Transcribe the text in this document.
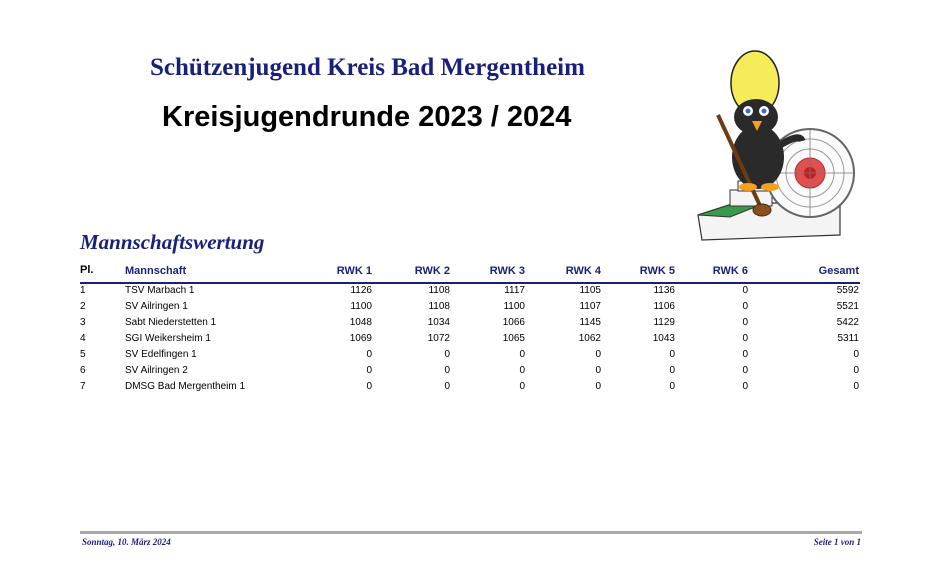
Schützenjugend Kreis Bad Mergentheim
Kreisjugendrunde 2023 / 2024
Mannschaftswertung
Pl.	Mannschaft	RWK 1	RWK 2	RWK 3	RWK 4	RWK 5	RWK 6	Gesamt
1	TSV Marbach 1	1126	1108	1117	1105	1136	0	5592
2	SV Ailringen 1	1100	1108	1100	1107	1106	0	5521
3	Sabt Niederstetten 1	1048	1034	1066	1145	1129	0	5422
4	SGI Weikersheim 1	1069	1072	1065	1062	1043	0	5311
5	SV Edelfingen 1	0	0	0	0	0	0	0
6	SV Ailringen 2	0	0	0	0	0	0	0
7	DMSG Bad Mergentheim 1	0	0	0	0	0	0	0
Sonntag, 10. März 2024	Seite 1 von 1
